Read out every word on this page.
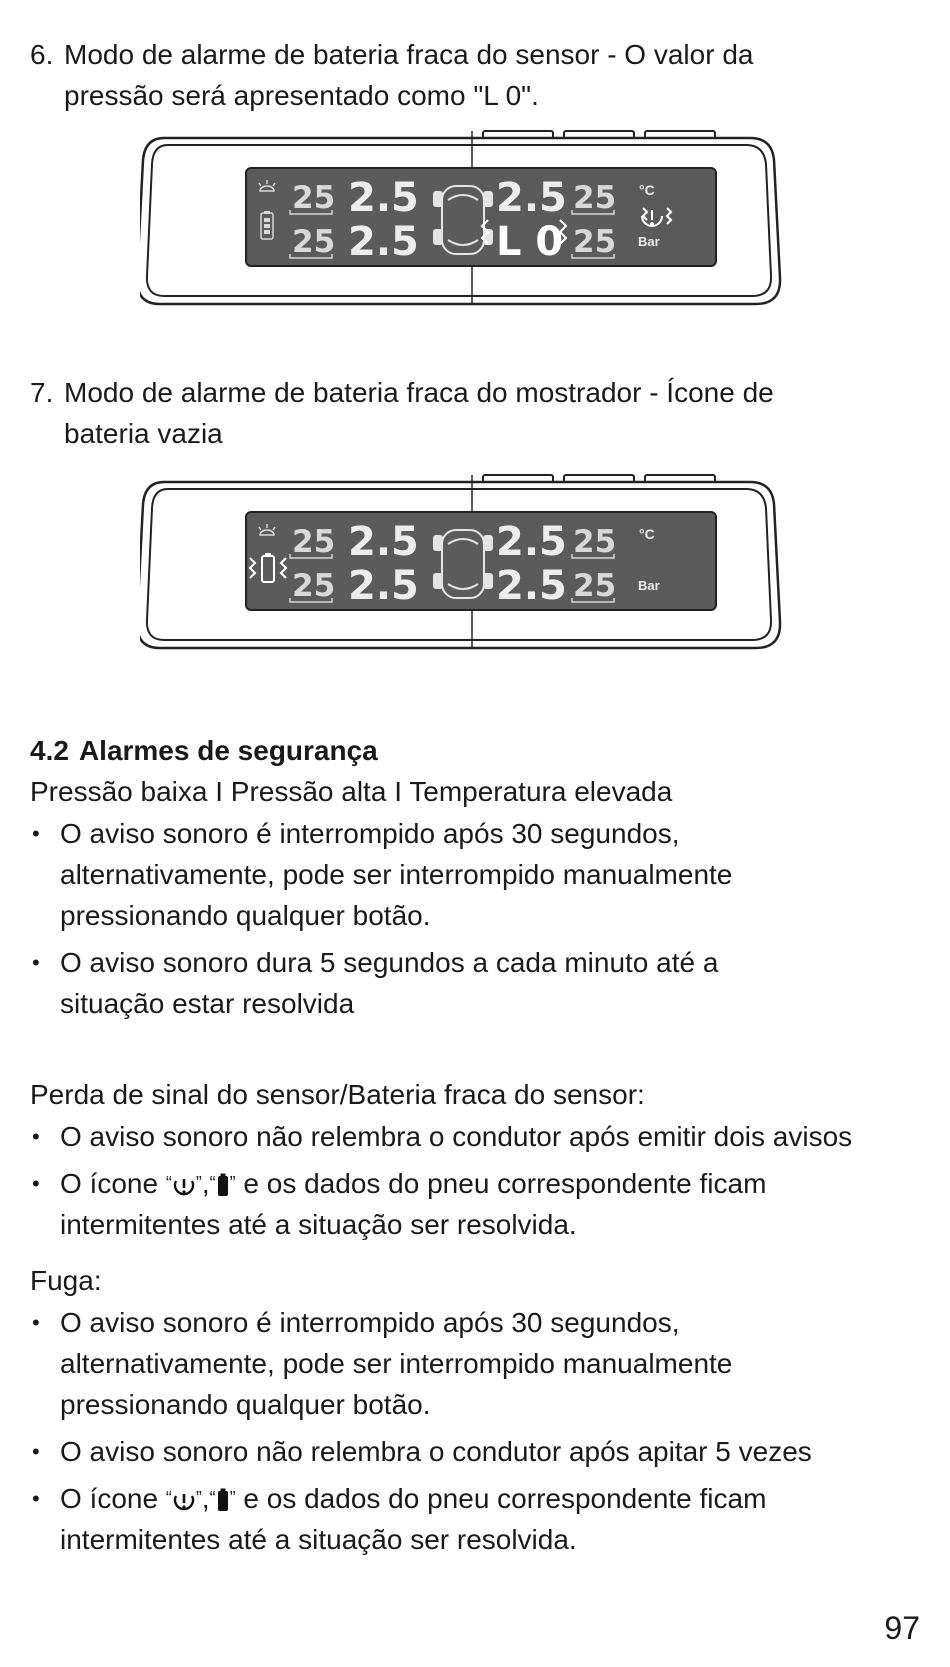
6. Modo de alarme de bateria fraca do sensor - O valor da
pressão será apresentado como "L 0".
25
25
2.5
2.5
2.5
L 0
25
25
°C
Bar
7. Modo de alarme de bateria fraca do mostrador - Ícone de
bateria vazia
25
25
2.5
2.5
2.5
2.5
25
25
°C
Bar
4.2 Alarmes de segurança
Pressão baixa I Pressão alta I Temperatura elevada
• O aviso sonoro é interrompido após 30 segundos,
alternativamente, pode ser interrompido manualmente
pressionando qualquer botão.
• O aviso sonoro dura 5 segundos a cada minuto até a
situação estar resolvida
Perda de sinal do sensor/Bateria fraca do sensor:
• O aviso sonoro não relembra o condutor após emitir dois avisos
• O ícone “ ”,“ ” e os dados do pneu correspondente ficam
intermitentes até a situação ser resolvida.
Fuga:
• O aviso sonoro é interrompido após 30 segundos,
alternativamente, pode ser interrompido manualmente
pressionando qualquer botão.
• O aviso sonoro não relembra o condutor após apitar 5 vezes
• O ícone “ ”,“ ” e os dados do pneu correspondente ficam
intermitentes até a situação ser resolvida.
97
